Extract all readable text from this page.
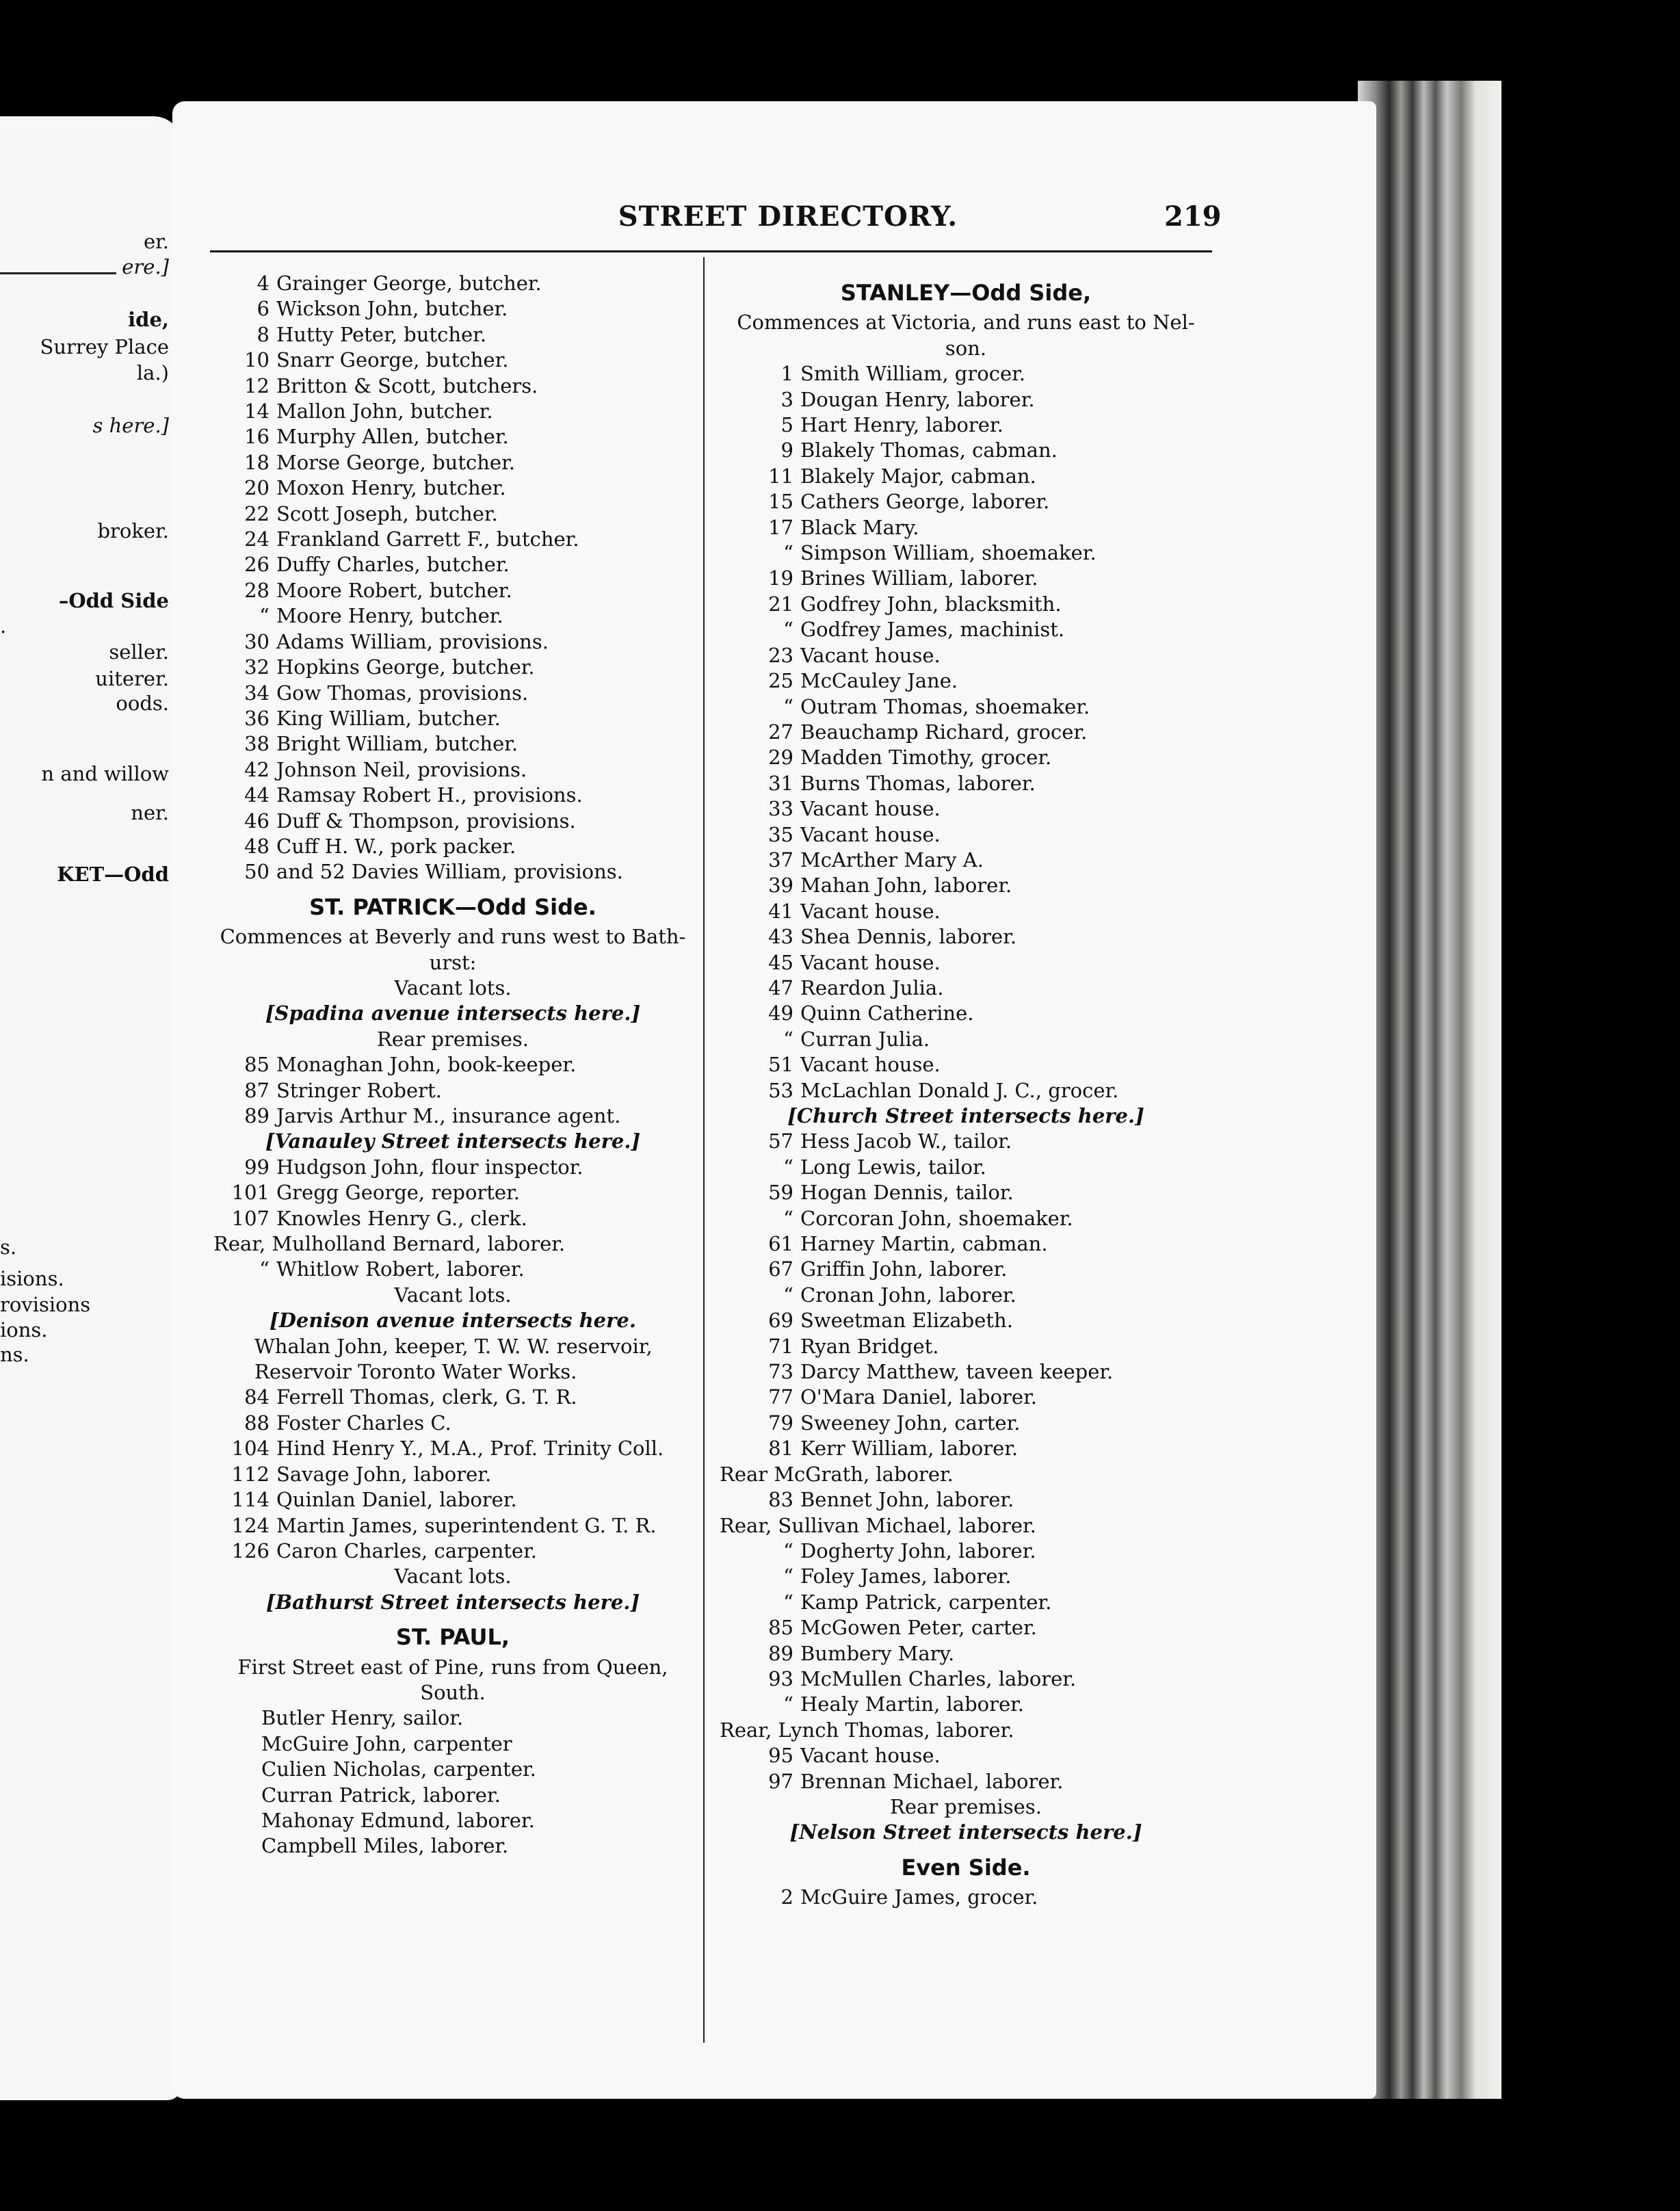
er.
ere.]
ide,
Surrey Place
la.)
s here.]
broker.
–Odd Side
.
seller.
uiterer.
oods.
n and willow
ner.
KET—Odd
s.
isions.
rovisions
ions.
ns.
STREET DIRECTORY.	219
4 Grainger George, butcher.
6 Wickson John, butcher.
8 Hutty Peter, butcher.
10 Snarr George, butcher.
12 Britton & Scott, butchers.
14 Mallon John, butcher.
16 Murphy Allen, butcher.
18 Morse George, butcher.
20 Moxon Henry, butcher.
22 Scott Joseph, butcher.
24 Frankland Garrett F., butcher.
26 Duffy Charles, butcher.
28 Moore Robert, butcher.
“ Moore Henry, butcher.
30 Adams William, provisions.
32 Hopkins George, butcher.
34 Gow Thomas, provisions.
36 King William, butcher.
38 Bright William, butcher.
42 Johnson Neil, provisions.
44 Ramsay Robert H., provisions.
46 Duff & Thompson, provisions.
48 Cuff H. W., pork packer.
50 and 52 Davies William, provisions.
ST. PATRICK—Odd Side.
Commences at Beverly and runs west to Bath- urst:
Vacant lots.
[Spadina avenue intersects here.]
Rear premises.
85 Monaghan John, book-keeper.
87 Stringer Robert.
89 Jarvis Arthur M., insurance agent.
[Vanauley Street intersects here.]
99 Hudgson John, flour inspector.
101 Gregg George, reporter.
107 Knowles Henry G., clerk.
Rear, Mulholland Bernard, laborer.
“ Whitlow Robert, laborer.
Vacant lots.
[Denison avenue intersects here.
Whalan John, keeper, T. W. W. reservoir,
Reservoir Toronto Water Works.
84 Ferrell Thomas, clerk, G. T. R.
88 Foster Charles C.
104 Hind Henry Y., M.A., Prof. Trinity Coll.
112 Savage John, laborer.
114 Quinlan Daniel, laborer.
124 Martin James, superintendent G. T. R.
126 Caron Charles, carpenter.
Vacant lots.
[Bathurst Street intersects here.]
ST. PAUL,
First Street east of Pine, runs from Queen, South.
Butler Henry, sailor.
McGuire John, carpenter
Culien Nicholas, carpenter.
Curran Patrick, laborer.
Mahonay Edmund, laborer.
Campbell Miles, laborer.
STANLEY—Odd Side,
Commences at Victoria, and runs east to Nel- son.
1 Smith William, grocer.
3 Dougan Henry, laborer.
5 Hart Henry, laborer.
9 Blakely Thomas, cabman.
11 Blakely Major, cabman.
15 Cathers George, laborer.
17 Black Mary.
“ Simpson William, shoemaker.
19 Brines William, laborer.
21 Godfrey John, blacksmith.
“ Godfrey James, machinist.
23 Vacant house.
25 McCauley Jane.
“ Outram Thomas, shoemaker.
27 Beauchamp Richard, grocer.
29 Madden Timothy, grocer.
31 Burns Thomas, laborer.
33 Vacant house.
35 Vacant house.
37 McArther Mary A.
39 Mahan John, laborer.
41 Vacant house.
43 Shea Dennis, laborer.
45 Vacant house.
47 Reardon Julia.
49 Quinn Catherine.
“ Curran Julia.
51 Vacant house.
53 McLachlan Donald J. C., grocer.
[Church Street intersects here.]
57 Hess Jacob W., tailor.
“ Long Lewis, tailor.
59 Hogan Dennis, tailor.
“ Corcoran John, shoemaker.
61 Harney Martin, cabman.
67 Griffin John, laborer.
“ Cronan John, laborer.
69 Sweetman Elizabeth.
71 Ryan Bridget.
73 Darcy Matthew, taveen keeper.
77 O'Mara Daniel, laborer.
79 Sweeney John, carter.
81 Kerr William, laborer.
Rear McGrath, laborer.
83 Bennet John, laborer.
Rear, Sullivan Michael, laborer.
“ Dogherty John, laborer.
“ Foley James, laborer.
“ Kamp Patrick, carpenter.
85 McGowen Peter, carter.
89 Bumbery Mary.
93 McMullen Charles, laborer.
“ Healy Martin, laborer.
Rear, Lynch Thomas, laborer.
95 Vacant house.
97 Brennan Michael, laborer.
Rear premises.
[Nelson Street intersects here.]
Even Side.
2 McGuire James, grocer.
